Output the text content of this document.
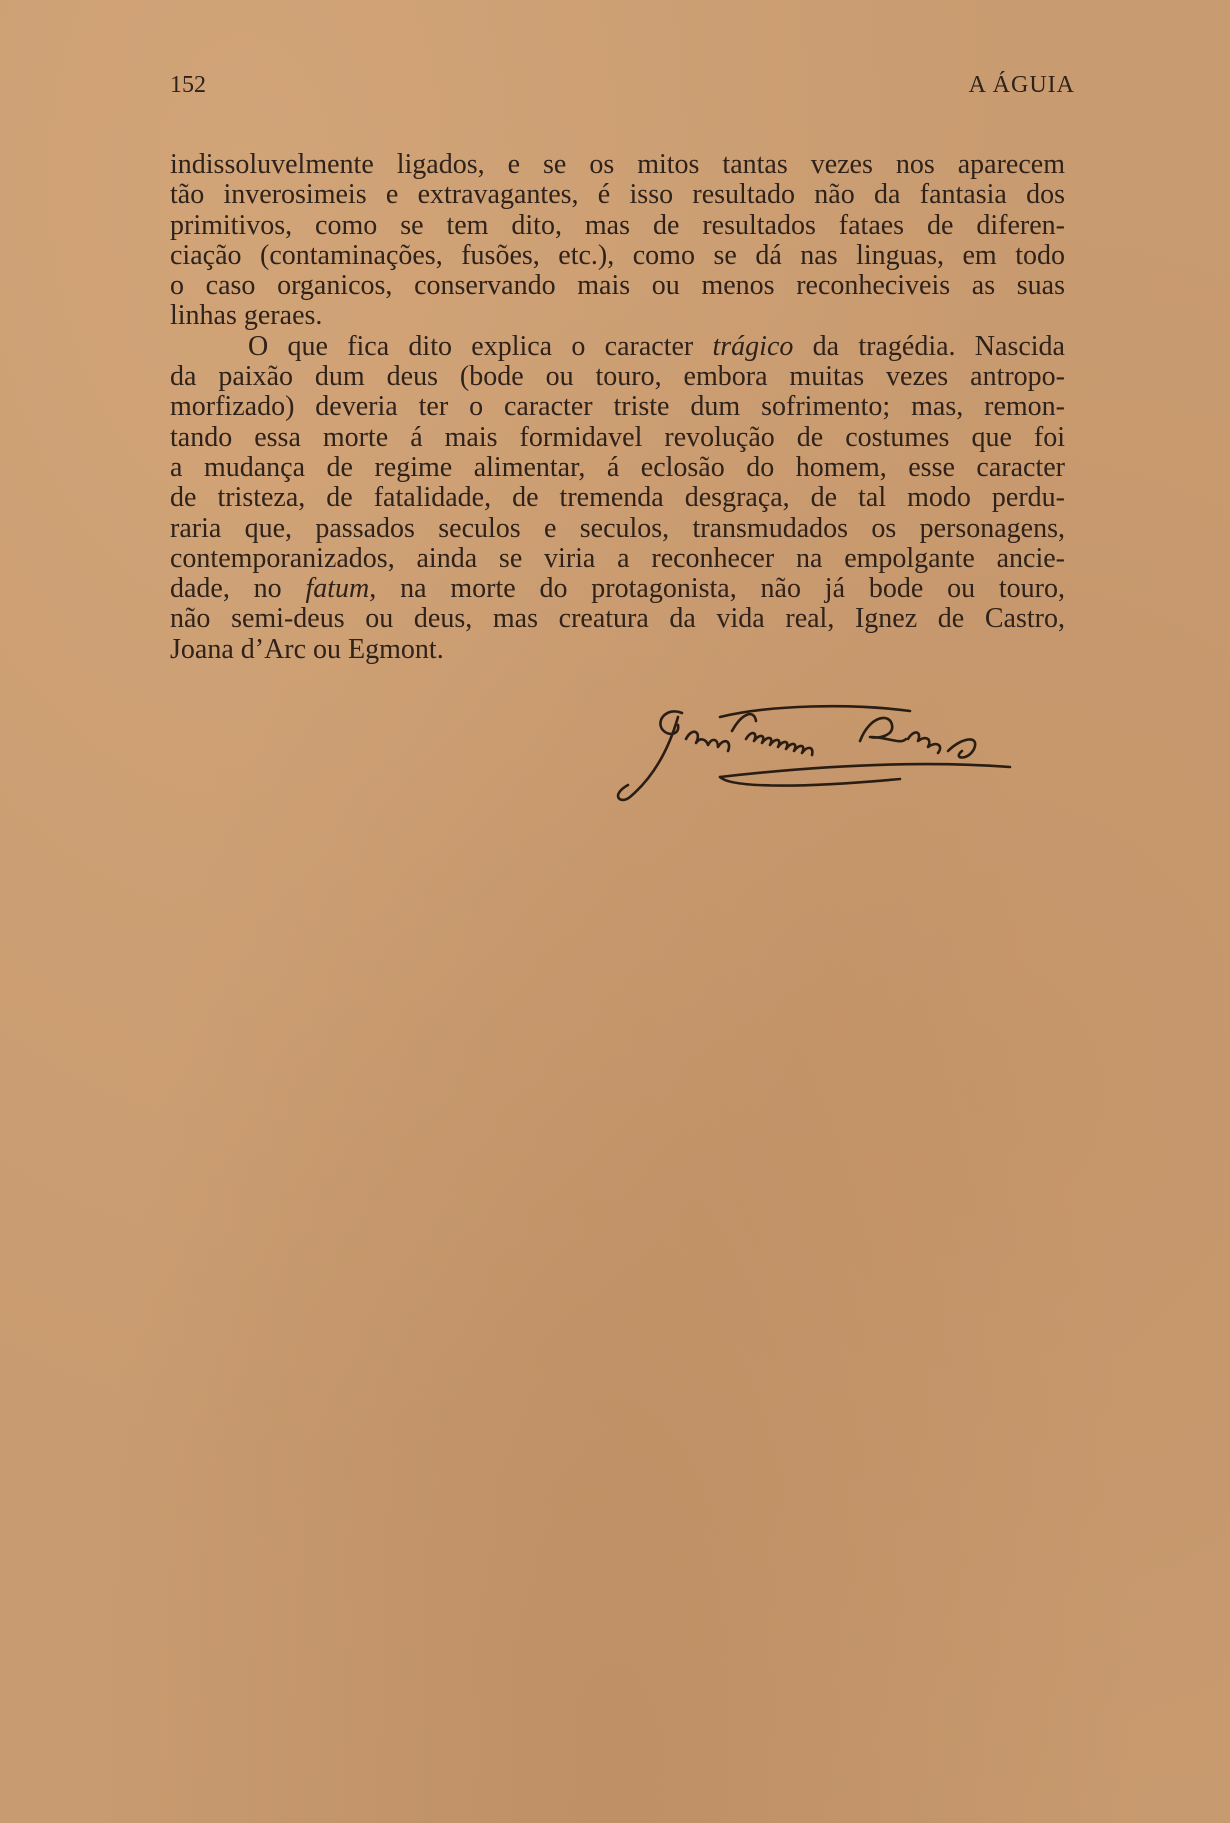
152	A ÁGUIA
indissoluvelmente ligados, e se os mitos tantas vezes nos aparecem
tão inverosimeis e extravagantes, é isso resultado não da fantasia dos
primitivos, como se tem dito, mas de resultados fataes de diferen-
ciação (contaminações, fusões, etc.), como se dá nas linguas, em todo
o caso organicos, conservando mais ou menos reconheciveis as suas
linhas geraes.
O que fica dito explica o caracter trágico da tragédia. Nascida
da paixão dum deus (bode ou touro, embora muitas vezes antropo-
morfizado) deveria ter o caracter triste dum sofrimento; mas, remon-
tando essa morte á mais formidavel revolução de costumes que foi
a mudança de regime alimentar, á eclosão do homem, esse caracter
de tristeza, de fatalidade, de tremenda desgraça, de tal modo perdu-
raria que, passados seculos e seculos, transmudados os personagens,
contemporanizados, ainda se viria a reconhecer na empolgante ancie-
dade, no fatum, na morte do protagonista, não já bode ou touro,
não semi-deus ou deus, mas creatura da vida real, Ignez de Castro,
Joana d’Arc ou Egmont.
